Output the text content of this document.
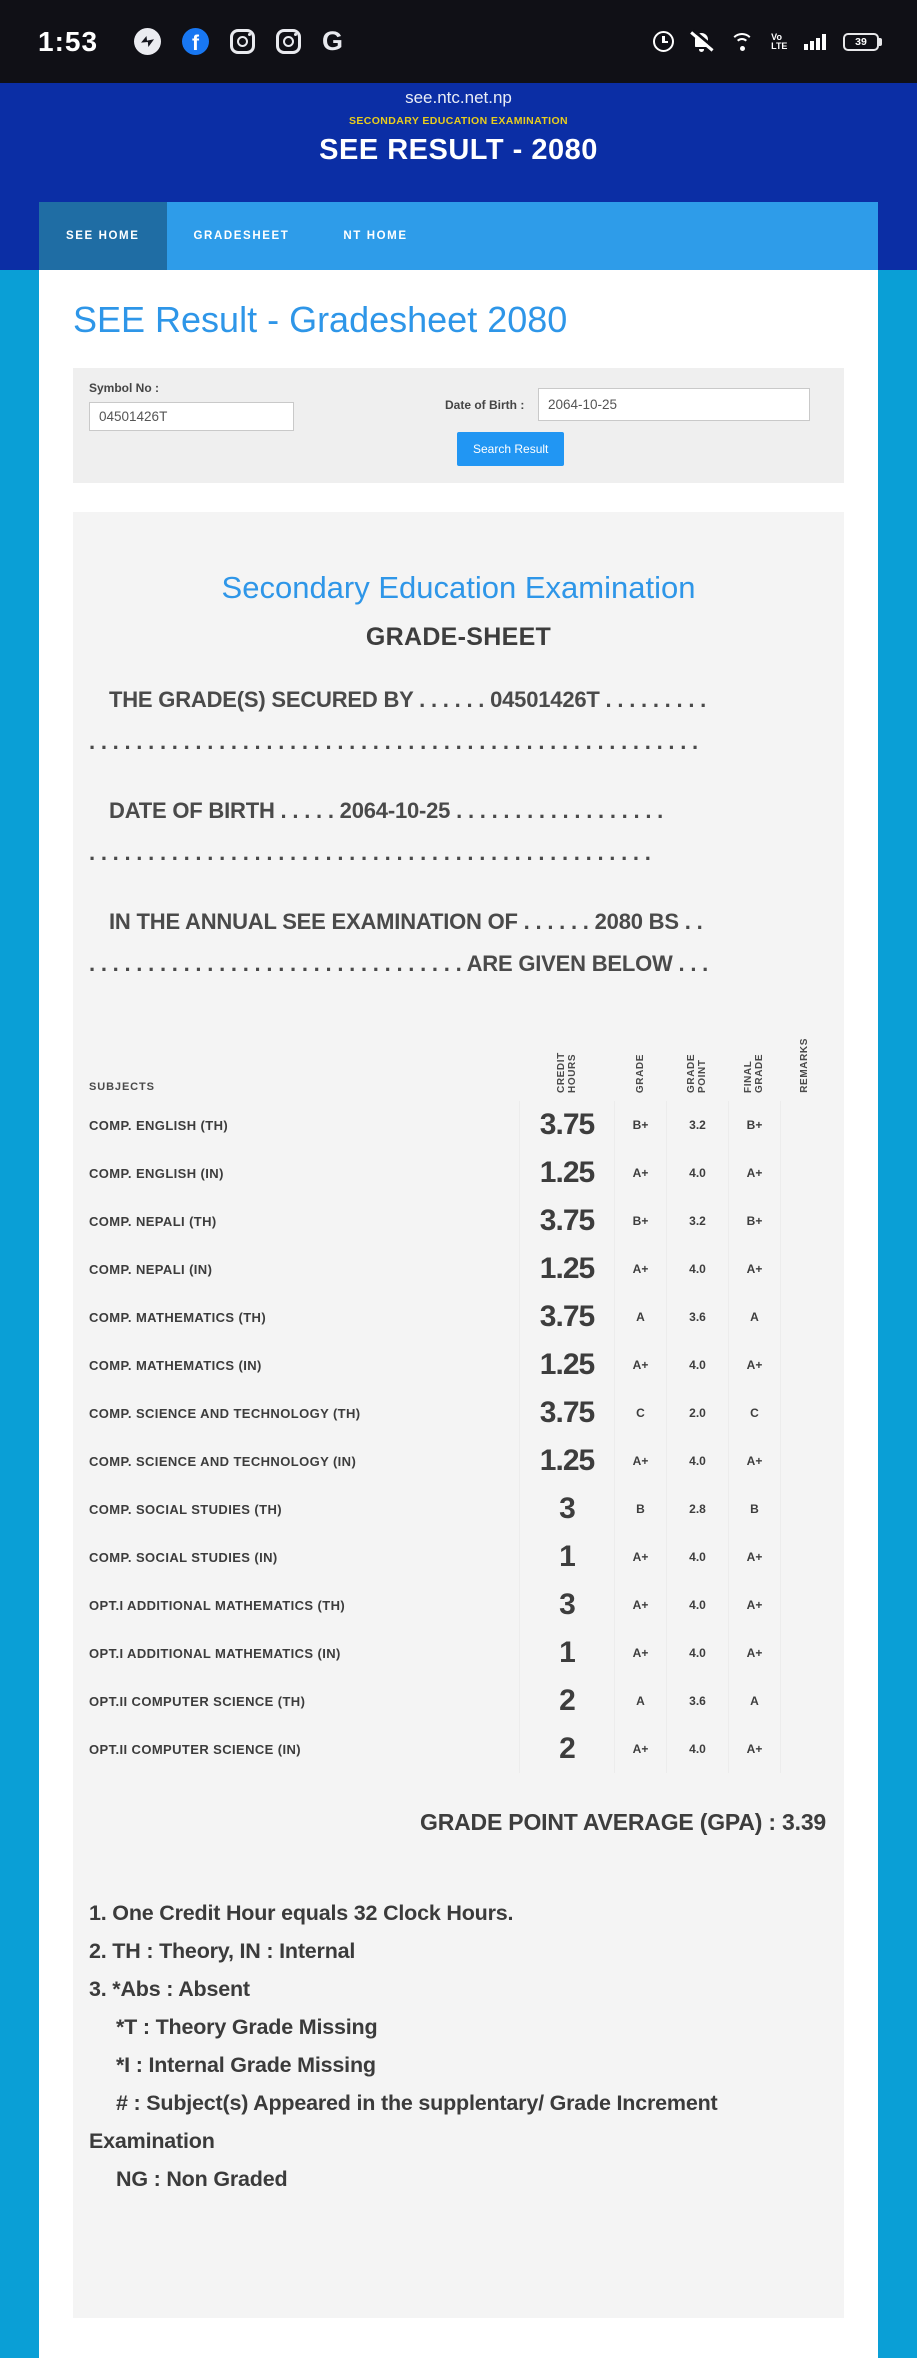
1:53	f	G	Vo
LTE	39
see.ntc.net.np
SECONDARY EDUCATION EXAMINATION
SEE RESULT - 2080
SEE HOME	GRADESHEET	NT HOME
SEE Result - Gradesheet 2080
Symbol No :
04501426T
Date of Birth :
2064-10-25
Search Result
Secondary Education Examination
GRADE-SHEET
THE GRADE(S) SECURED BY . . . . . . 04501426T . . . . . . . . .
. . . . . . . . . . . . . . . . . . . . . . . . . . . . . . . . . . . . . . . . . . . . . . . . . . . .
DATE OF BIRTH . . . . . 2064-10-25 . . . . . . . . . . . . . . . . . .
. . . . . . . . . . . . . . . . . . . . . . . . . . . . . . . . . . . . . . . . . . . . . . . .
IN THE ANNUAL SEE EXAMINATION OF . . . . . . 2080 BS . .
. . . . . . . . . . . . . . . . . . . . . . . . . . . . . . . . ARE GIVEN BELOW . . .
SUBJECTS	CREDIT HOURS	GRADE	GRADE POINT	FINAL GRADE	REMARKS
COMP. ENGLISH (TH)	3.75	B+	3.2	B+
COMP. ENGLISH (IN)	1.25	A+	4.0	A+
COMP. NEPALI (TH)	3.75	B+	3.2	B+
COMP. NEPALI (IN)	1.25	A+	4.0	A+
COMP. MATHEMATICS (TH)	3.75	A	3.6	A
COMP. MATHEMATICS (IN)	1.25	A+	4.0	A+
COMP. SCIENCE AND TECHNOLOGY (TH)	3.75	C	2.0	C
COMP. SCIENCE AND TECHNOLOGY (IN)	1.25	A+	4.0	A+
COMP. SOCIAL STUDIES (TH)	3	B	2.8	B
COMP. SOCIAL STUDIES (IN)	1	A+	4.0	A+
OPT.I ADDITIONAL MATHEMATICS (TH)	3	A+	4.0	A+
OPT.I ADDITIONAL MATHEMATICS (IN)	1	A+	4.0	A+
OPT.II COMPUTER SCIENCE (TH)	2	A	3.6	A
OPT.II COMPUTER SCIENCE (IN)	2	A+	4.0	A+
GRADE POINT AVERAGE (GPA) : 3.39
1. One Credit Hour equals 32 Clock Hours.
2. TH : Theory, IN : Internal
3. *Abs : Absent
*T : Theory Grade Missing
*I : Internal Grade Missing
# : Subject(s) Appeared in the supplentary/ Grade Increment Examination
NG : Non Graded
